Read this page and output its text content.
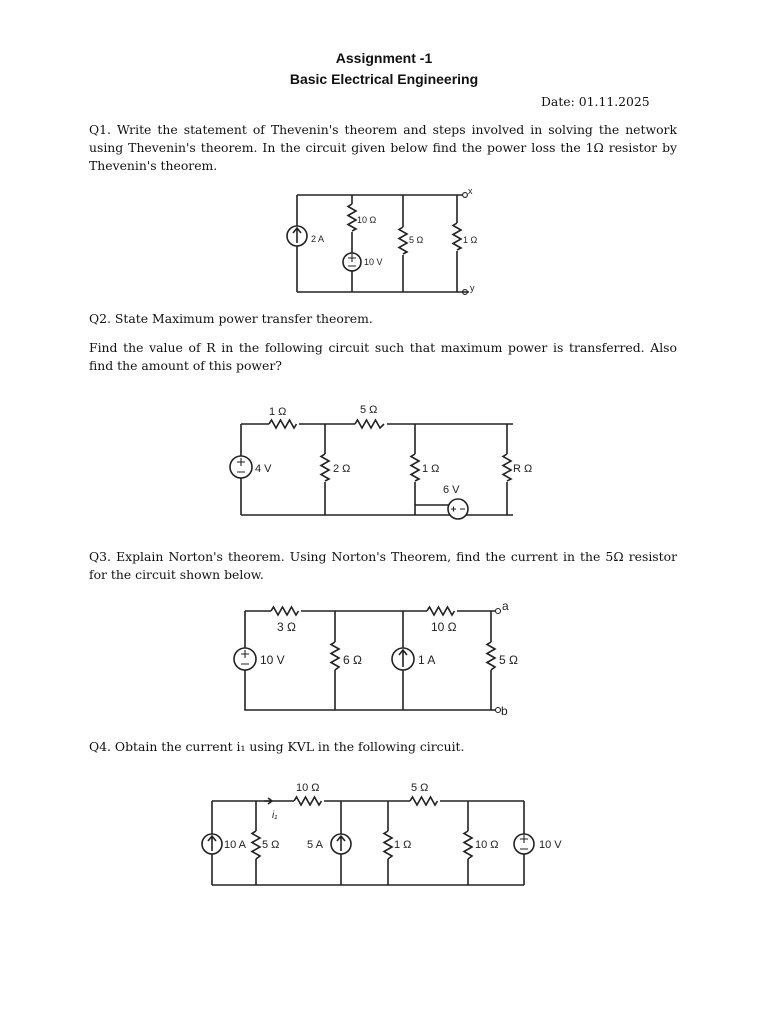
Assignment -1
Basic Electrical Engineering
Date: 01.11.2025

Q1. Write the statement of Thevenin's theorem and steps involved in solving the network using Thevenin's theorem. In the circuit given below find the power loss the 1Ω resistor by Thevenin's theorem.

2 A
10 Ω
10 V
5 Ω	1 Ω
x
y

Q2. State Maximum power transfer theorem.

Find the value of R in the following circuit such that maximum power is transferred. Also find the amount of this power?

1 Ω	5 Ω
4 V	2 Ω	1 Ω
6 V
R Ω

Q3. Explain Norton's theorem. Using Norton's Theorem, find the current in the 5Ω resistor for the circuit shown below.

3 Ω	10 Ω
10 V	6 Ω	1 A	5 Ω
a
b

Q4. Obtain the current i₁ using KVL in the following circuit.

10 Ω	5 Ω
i₁
10 A 5 Ω	5 A	1 Ω	10 Ω	10 V
